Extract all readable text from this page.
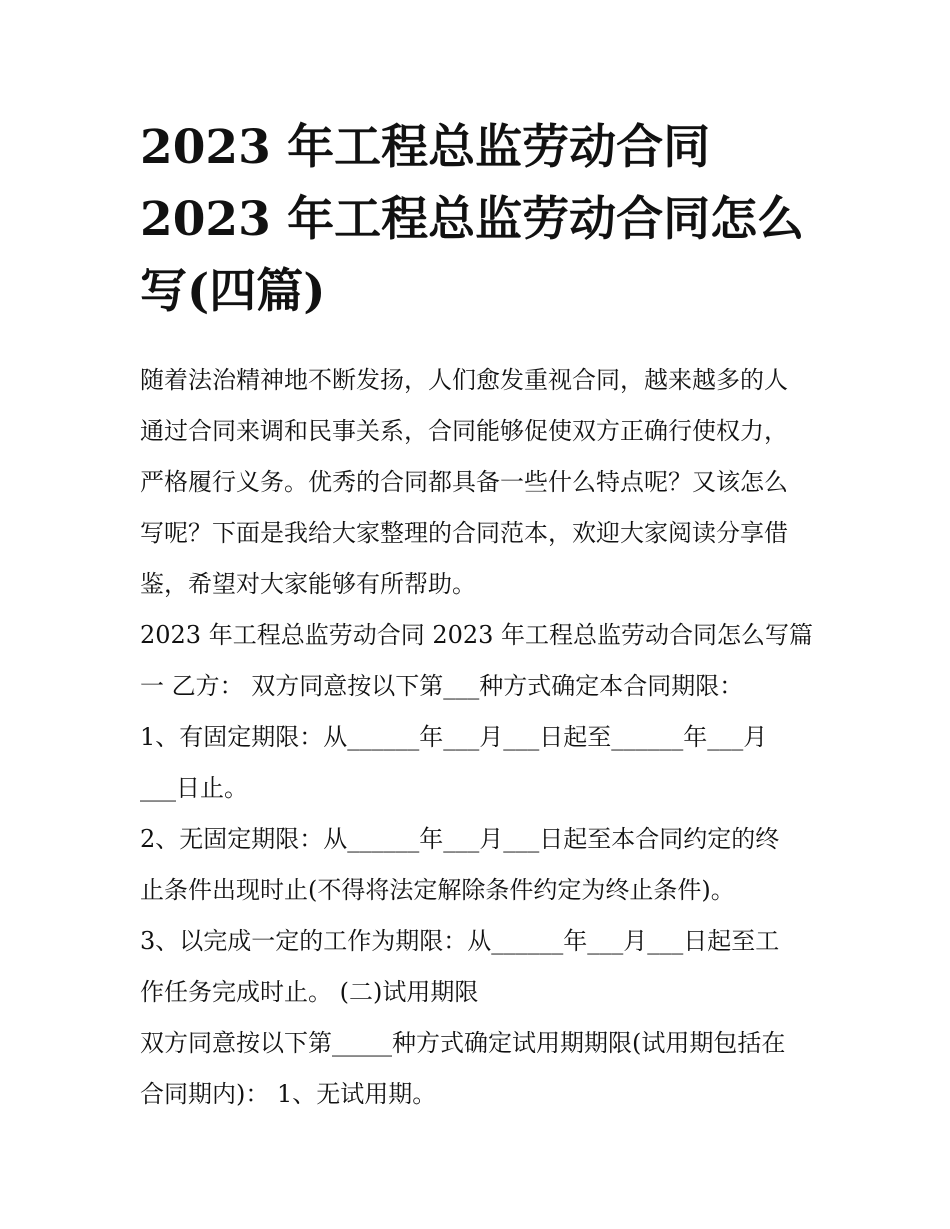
2023 年工程总监劳动合同
2023 年工程总监劳动合同怎么
写(四篇)

随着法治精神地不断发扬，人们愈发重视合同，越来越多的人

通过合同来调和民事关系，合同能够促使双方正确行使权力，

严格履行义务。优秀的合同都具备一些什么特点呢？又该怎么

写呢？下面是我给大家整理的合同范本，欢迎大家阅读分享借

鉴，希望对大家能够有所帮助。

2023 年工程总监劳动合同 2023 年工程总监劳动合同怎么写篇

一 乙方： 双方同意按以下第___种方式确定本合同期限：

1、有固定期限：从______年___月___日起至______年___月

___日止。

2、无固定期限：从______年___月___日起至本合同约定的终

止条件出现时止(不得将法定解除条件约定为终止条件)。

3、以完成一定的工作为期限：从______年___月___日起至工

作任务完成时止。 (二)试用期限

双方同意按以下第_____种方式确定试用期期限(试用期包括在

合同期内)： 1、无试用期。
